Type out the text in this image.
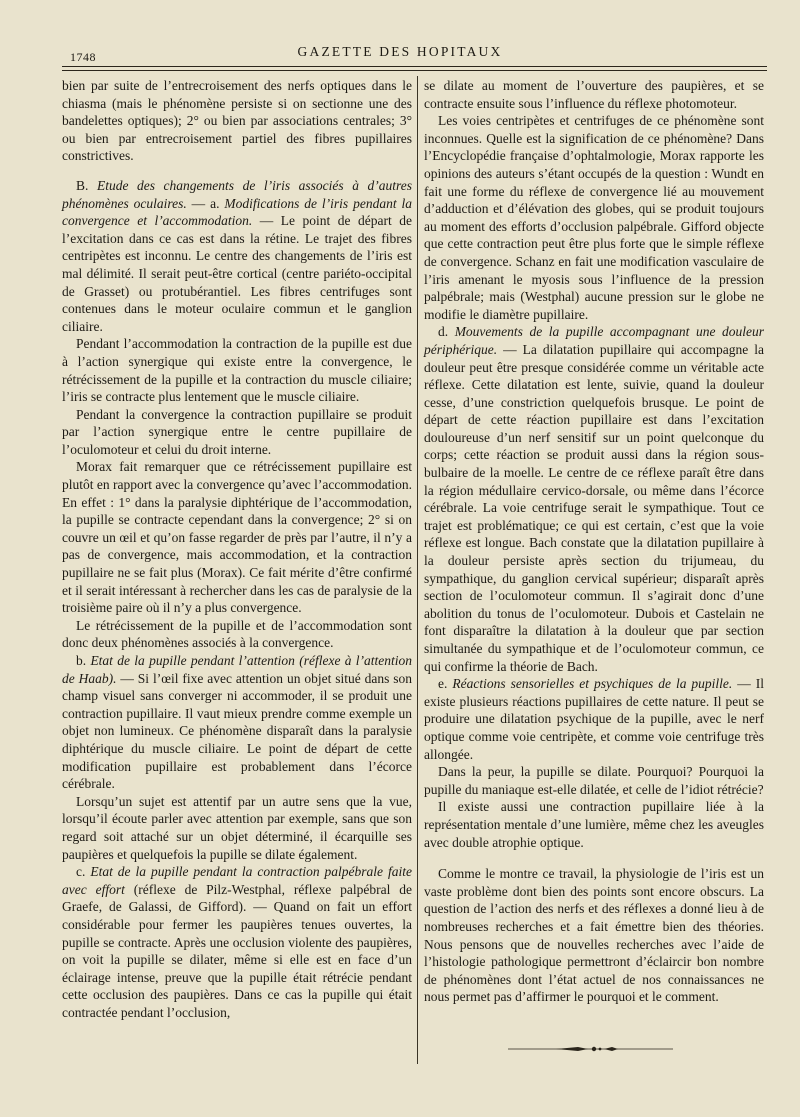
1748	GAZETTE DES HOPITAUX

bien par suite de l’entrecroisement des nerfs optiques dans le chiasma (mais le phénomène persiste si on sectionne une des bandelettes optiques); 2° ou bien par associations centrales; 3° ou bien par entrecroisement partiel des fibres pupillaires constrictives.

B. Etude des changements de l’iris associés à d’autres phénomènes oculaires. — a. Modifications de l’iris pendant la convergence et l’accommodation. — Le point de départ de l’excitation dans ce cas est dans la rétine. Le trajet des fibres centripètes est inconnu. Le centre des changements de l’iris est mal délimité. Il serait peut-être cortical (centre pariéto-occipital de Grasset) ou protubérantiel. Les fibres centrifuges sont contenues dans le moteur oculaire commun et le ganglion ciliaire.

Pendant l’accommodation la contraction de la pupille est due à l’action synergique qui existe entre la convergence, le rétrécissement de la pupille et la contraction du muscle ciliaire; l’iris se contracte plus lentement que le muscle ciliaire.

Pendant la convergence la contraction pupillaire se produit par l’action synergique entre le centre pupillaire de l’oculomoteur et celui du droit interne.

Morax fait remarquer que ce rétrécissement pupillaire est plutôt en rapport avec la convergence qu’avec l’accommodation. En effet : 1° dans la paralysie diphtérique de l’accommodation, la pupille se contracte cependant dans la convergence; 2° si on couvre un œil et qu’on fasse regarder de près par l’autre, il n’y a pas de convergence, mais accommodation, et la contraction pupillaire ne se fait plus (Morax). Ce fait mérite d’être confirmé et il serait intéressant à rechercher dans les cas de paralysie de la troisième paire où il n’y a plus convergence.

Le rétrécissement de la pupille et de l’accommodation sont donc deux phénomènes associés à la convergence.

b. Etat de la pupille pendant l’attention (réflexe à l’attention de Haab). — Si l’œil fixe avec attention un objet situé dans son champ visuel sans converger ni accommoder, il se produit une contraction pupillaire. Il vaut mieux prendre comme exemple un objet non lumineux. Ce phénomène disparaît dans la paralysie diphtérique du muscle ciliaire. Le point de départ de cette modification pupillaire est probablement dans l’écorce cérébrale.

Lorsqu’un sujet est attentif par un autre sens que la vue, lorsqu’il écoute parler avec attention par exemple, sans que son regard soit attaché sur un objet déterminé, il écarquille ses paupières et quelquefois la pupille se dilate également.

c. Etat de la pupille pendant la contraction palpébrale faite avec effort (réflexe de Pilz-Westphal, réflexe palpébral de Graefe, de Galassi, de Gifford). — Quand on fait un effort considérable pour fermer les paupières tenues ouvertes, la pupille se contracte. Après une occlusion violente des paupières, on voit la pupille se dilater, même si elle est en face d’un éclairage intense, preuve que la pupille était rétrécie pendant cette occlusion des paupières. Dans ce cas la pupille qui était contractée pendant l’occlusion,

se dilate au moment de l’ouverture des paupières, et se contracte ensuite sous l’influence du réflexe photomoteur.

Les voies centripètes et centrifuges de ce phénomène sont inconnues. Quelle est la signification de ce phénomène? Dans l’Encyclopédie française d’ophtalmologie, Morax rapporte les opinions des auteurs s’étant occupés de la question : Wundt en fait une forme du réflexe de convergence lié au mouvement d’adduction et d’élévation des globes, qui se produit toujours au moment des efforts d’occlusion palpébrale. Gifford objecte que cette contraction peut être plus forte que le simple réflexe de convergence. Schanz en fait une modification vasculaire de l’iris amenant le myosis sous l’influence de la pression palpébrale; mais (Westphal) aucune pression sur le globe ne modifie le diamètre pupillaire.

d. Mouvements de la pupille accompagnant une douleur périphérique. — La dilatation pupillaire qui accompagne la douleur peut être presque considérée comme un véritable acte réflexe. Cette dilatation est lente, suivie, quand la douleur cesse, d’une constriction quelquefois brusque. Le point de départ de cette réaction pupillaire est dans l’excitation douloureuse d’un nerf sensitif sur un point quelconque du corps; cette réaction se produit aussi dans la région sous-bulbaire de la moelle. Le centre de ce réflexe paraît être dans la région médullaire cervico-dorsale, ou même dans l’écorce cérébrale. La voie centrifuge serait le sympathique. Tout ce trajet est problématique; ce qui est certain, c’est que la voie réflexe est longue. Bach constate que la dilatation pupillaire à la douleur persiste après section du trijumeau, du sympathique, du ganglion cervical supérieur; disparaît après section de l’oculomoteur commun. Il s’agirait donc d’une abolition du tonus de l’oculomoteur. Dubois et Castelain ne font disparaître la dilatation à la douleur que par section simultanée du sympathique et de l’oculomoteur commun, ce qui confirme la théorie de Bach.

e. Réactions sensorielles et psychiques de la pupille. — Il existe plusieurs réactions pupillaires de cette nature. Il peut se produire une dilatation psychique de la pupille, avec le nerf optique comme voie centripète, et comme voie centrifuge très allongée.

Dans la peur, la pupille se dilate. Pourquoi? Pourquoi la pupille du maniaque est-elle dilatée, et celle de l’idiot rétrécie?

Il existe aussi une contraction pupillaire liée à la représentation mentale d’une lumière, même chez les aveugles avec double atrophie optique.

Comme le montre ce travail, la physiologie de l’iris est un vaste problème dont bien des points sont encore obscurs. La question de l’action des nerfs et des réflexes a donné lieu à de nombreuses recherches et a fait émettre bien des théories. Nous pensons que de nouvelles recherches avec l’aide de l’histologie pathologique permettront d’éclaircir bon nombre de phénomènes dont l’état actuel de nos connaissances ne nous permet pas d’affirmer le pourquoi et le comment.
